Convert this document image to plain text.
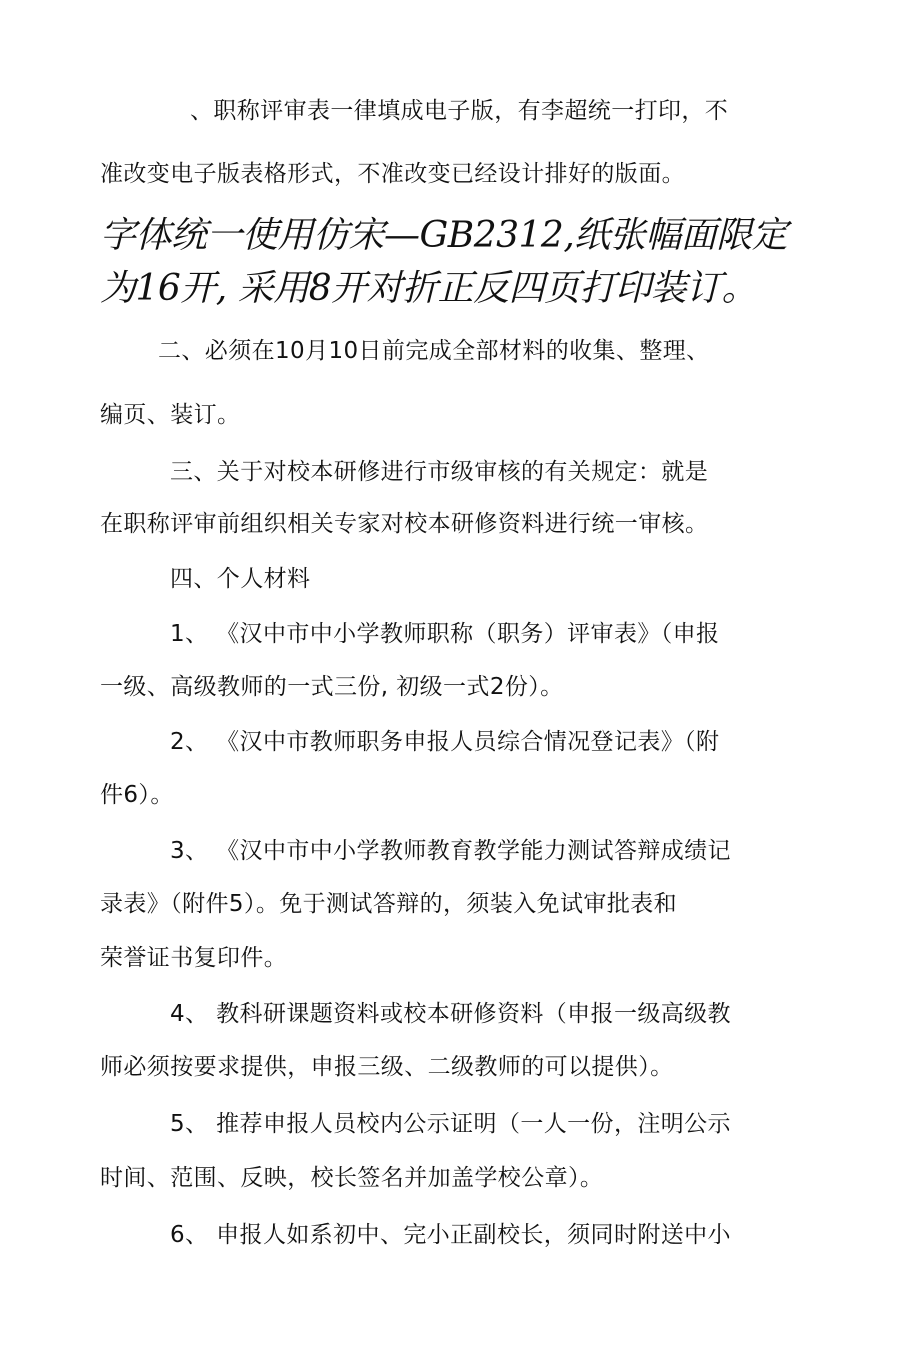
、职称评审表一律填成电子版，有李超统一打印，不
准改变电子版表格形式，不准改变已经设计排好的版面。
字体统一使用仿宋—GB2312,纸张幅面限定
为16开, 采用8开对折正反四页打印装订。
二、必须在10月10日前完成全部材料的收集、整理、
编页、装订。
三、关于对校本研修进行市级审核的有关规定：就是
在职称评审前组织相关专家对校本研修资料进行统一审核。
四、个人材料
1、 《汉中市中小学教师职称（职务）评审表》（申报
一级、高级教师的一式三份, 初级一式2份）。
2、 《汉中市教师职务申报人员综合情况登记表》（附
件6）。
3、 《汉中市中小学教师教育教学能力测试答辩成绩记
录表》（附件5）。免于测试答辩的，须装入免试审批表和
荣誉证书复印件。
4、 教科研课题资料或校本研修资料（申报一级高级教
师必须按要求提供，申报三级、二级教师的可以提供）。
5、 推荐申报人员校内公示证明（一人一份，注明公示
时间、范围、反映，校长签名并加盖学校公章）。
6、 申报人如系初中、完小正副校长，须同时附送中小
